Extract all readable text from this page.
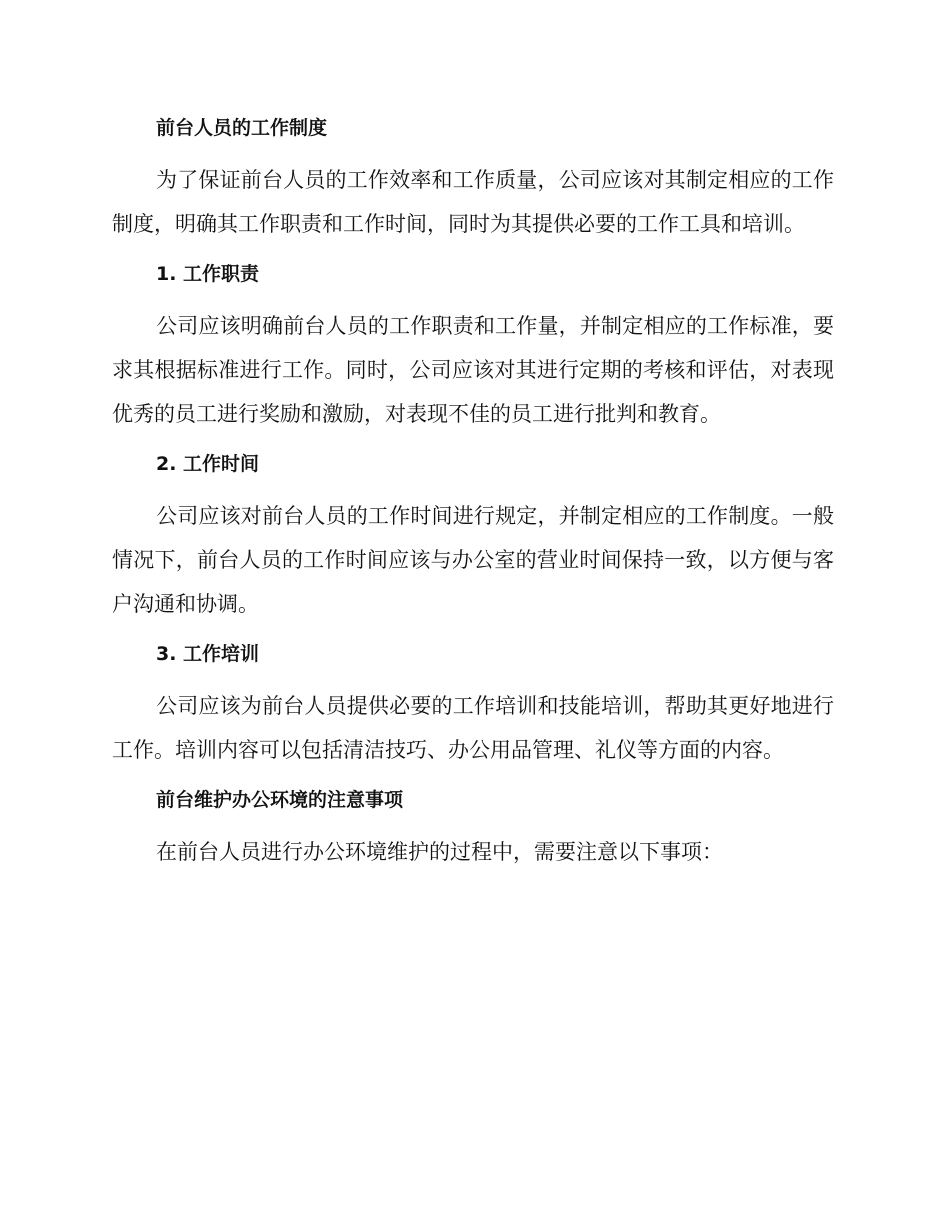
前台人员的工作制度

为了保证前台人员的工作效率和工作质量，公司应该对其制定相应的工作制度，明确其工作职责和工作时间，同时为其提供必要的工作工具和培训。

1. 工作职责

公司应该明确前台人员的工作职责和工作量，并制定相应的工作标准，要求其根据标准进行工作。同时，公司应该对其进行定期的考核和评估，对表现优秀的员工进行奖励和激励，对表现不佳的员工进行批判和教育。

2. 工作时间

公司应该对前台人员的工作时间进行规定，并制定相应的工作制度。一般情况下，前台人员的工作时间应该与办公室的营业时间保持一致，以方便与客户沟通和协调。

3. 工作培训

公司应该为前台人员提供必要的工作培训和技能培训，帮助其更好地进行工作。培训内容可以包括清洁技巧、办公用品管理、礼仪等方面的内容。

前台维护办公环境的注意事项

在前台人员进行办公环境维护的过程中，需要注意以下事项：
